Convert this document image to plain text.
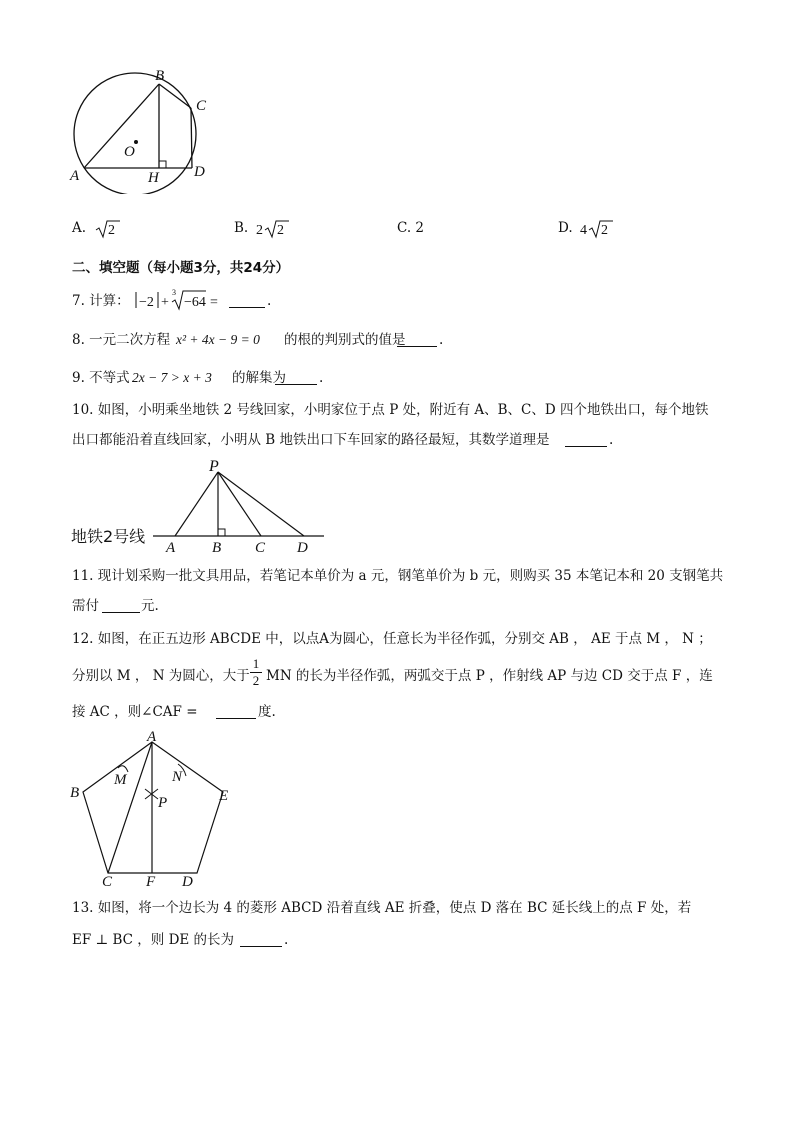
B
C
O
A	H D
A. 2	B. 2 2	C. 2	D. 4 2
二、填空题（每小题3分，共24分）
7. 计算： −2 +
3
−64 =	.
8. 一元二次方程 x² + 4x − 9 = 0 的根的判别式的值是 .
9. 不等式 2x − 7 > x + 3 的解集为 .
10. 如图，小明乘坐地铁 2 号线回家，小明家位于点 P 处，附近有 A、B、C、D 四个地铁出口，每个地铁
出口都能沿着直线回家，小明从 B 地铁出口下车回家的路径最短，其数学道理是	.
P
地铁2号线
A B C D
11. 现计划采购一批文具用品，若笔记本单价为 a 元，钢笔单价为 b 元，则购买 35 本笔记本和 20 支钢笔共
需付	元.
12. 如图，在正五边形 ABCDE 中，以点A为圆心，任意长为半径作弧，分别交 AB ， AE 于点 M ， N ；
分别以 M ， N 为圆心，大于 $\frac{1}{2}$ MN 的长为半径作弧，两弧交于点 P ，作射线 AP 与边 CD 交于点 F ，连
接 AC ，则∠CAF =	度.
A
M	N
B
P	E
C F D
13. 如图，将一个边长为 4 的菱形 ABCD 沿着直线 AE 折叠，使点 D 落在 BC 延长线上的点 F 处，若
EF ⊥ BC ，则 DE 的长为	.
